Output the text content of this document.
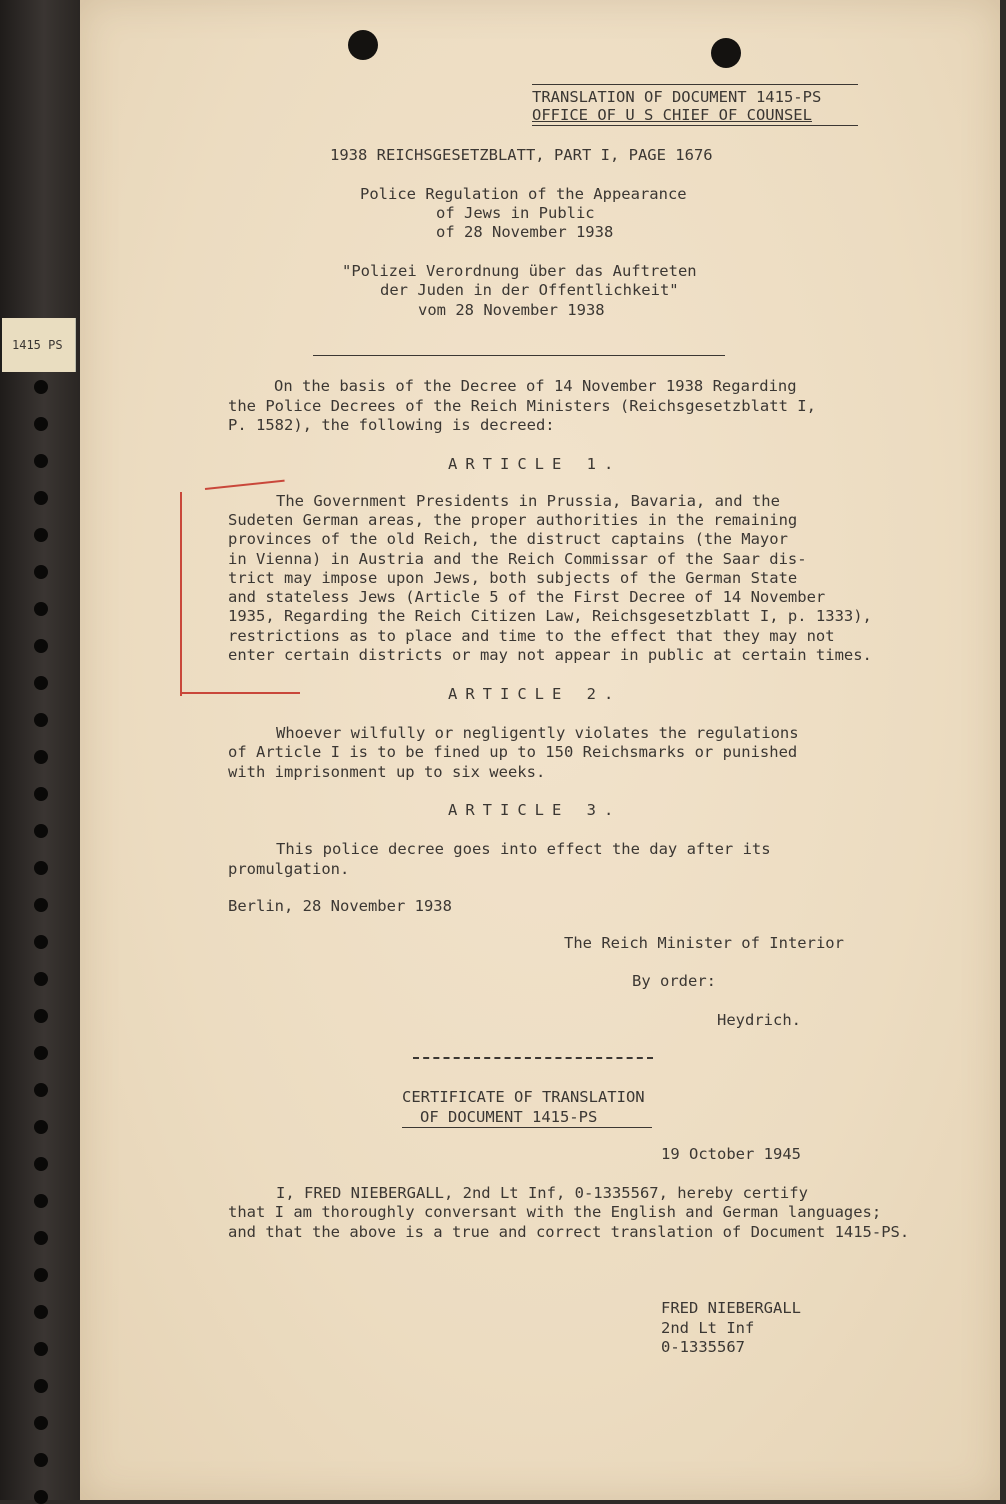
1415 PS

TRANSLATION OF DOCUMENT 1415-PS

OFFICE OF U S CHIEF OF COUNSEL

1938 REICHSGESETZBLATT, PART I, PAGE 1676

Police Regulation of the Appearance

of Jews in Public

of 28 November 1938

"Polizei Verordnung über das Auftreten

der Juden in der Offentlichkeit"

vom 28 November 1938

On the basis of the Decree of 14 November 1938 Regarding

the Police Decrees of the Reich Ministers (Reichsgesetzblatt I,

P. 1582), the following is decreed:

ARTICLE 1.

The Government Presidents in Prussia, Bavaria, and the

Sudeten German areas, the proper authorities in the remaining

provinces of the old Reich, the distruct captains (the Mayor

in Vienna) in Austria and the Reich Commissar of the Saar dis-

trict may impose upon Jews, both subjects of the German State

and stateless Jews (Article 5 of the First Decree of 14 November

1935, Regarding the Reich Citizen Law, Reichsgesetzblatt I, p. 1333),

restrictions as to place and time to the effect that they may not

enter certain districts or may not appear in public at certain times.

ARTICLE 2.

Whoever wilfully or negligently violates the regulations

of Article I is to be fined up to 150 Reichsmarks or punished

with imprisonment up to six weeks.

ARTICLE 3.

This police decree goes into effect the day after its

promulgation.

Berlin, 28 November 1938

The Reich Minister of Interior

By order:

Heydrich.

CERTIFICATE OF TRANSLATION

OF DOCUMENT 1415-PS

19 October 1945

I, FRED NIEBERGALL, 2nd Lt Inf, 0-1335567, hereby certify

that I am thoroughly conversant with the English and German languages;

and that the above is a true and correct translation of Document 1415-PS.

FRED NIEBERGALL

2nd Lt Inf

0-1335567
